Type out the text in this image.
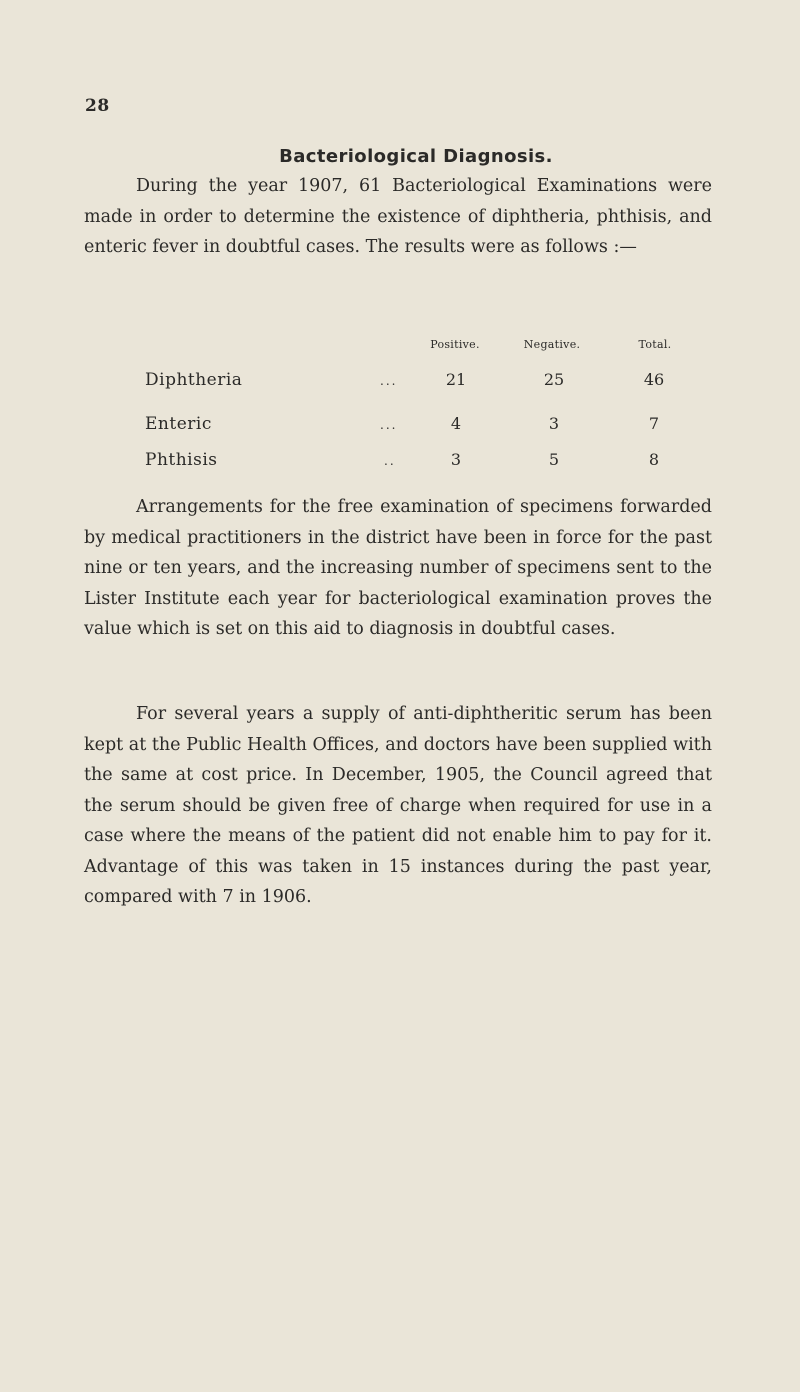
28
Bacteriological Diagnosis.

During the year 1907, 61 Bacteriological Examinations were made in order to determine the existence of diphtheria, phthisis, and enteric fever in doubtful cases. The results were as follows :—

Positive.	Negative.	Total.
Diphtheria	...	21	25	46
Enteric	...	4	3	7
Phthisis	..	3	5	8

Arrangements for the free examination of specimens forwarded by medical practitioners in the district have been in force for the past nine or ten years, and the increasing number of specimens sent to the Lister Institute each year for bacteriological examination proves the value which is set on this aid to diagnosis in doubtful cases.

For several years a supply of anti-diphtheritic serum has been kept at the Public Health Offices, and doctors have been supplied with the same at cost price. In December, 1905, the Council agreed that the serum should be given free of charge when required for use in a case where the means of the patient did not enable him to pay for it. Advantage of this was taken in 15 instances during the past year, compared with 7 in 1906.
